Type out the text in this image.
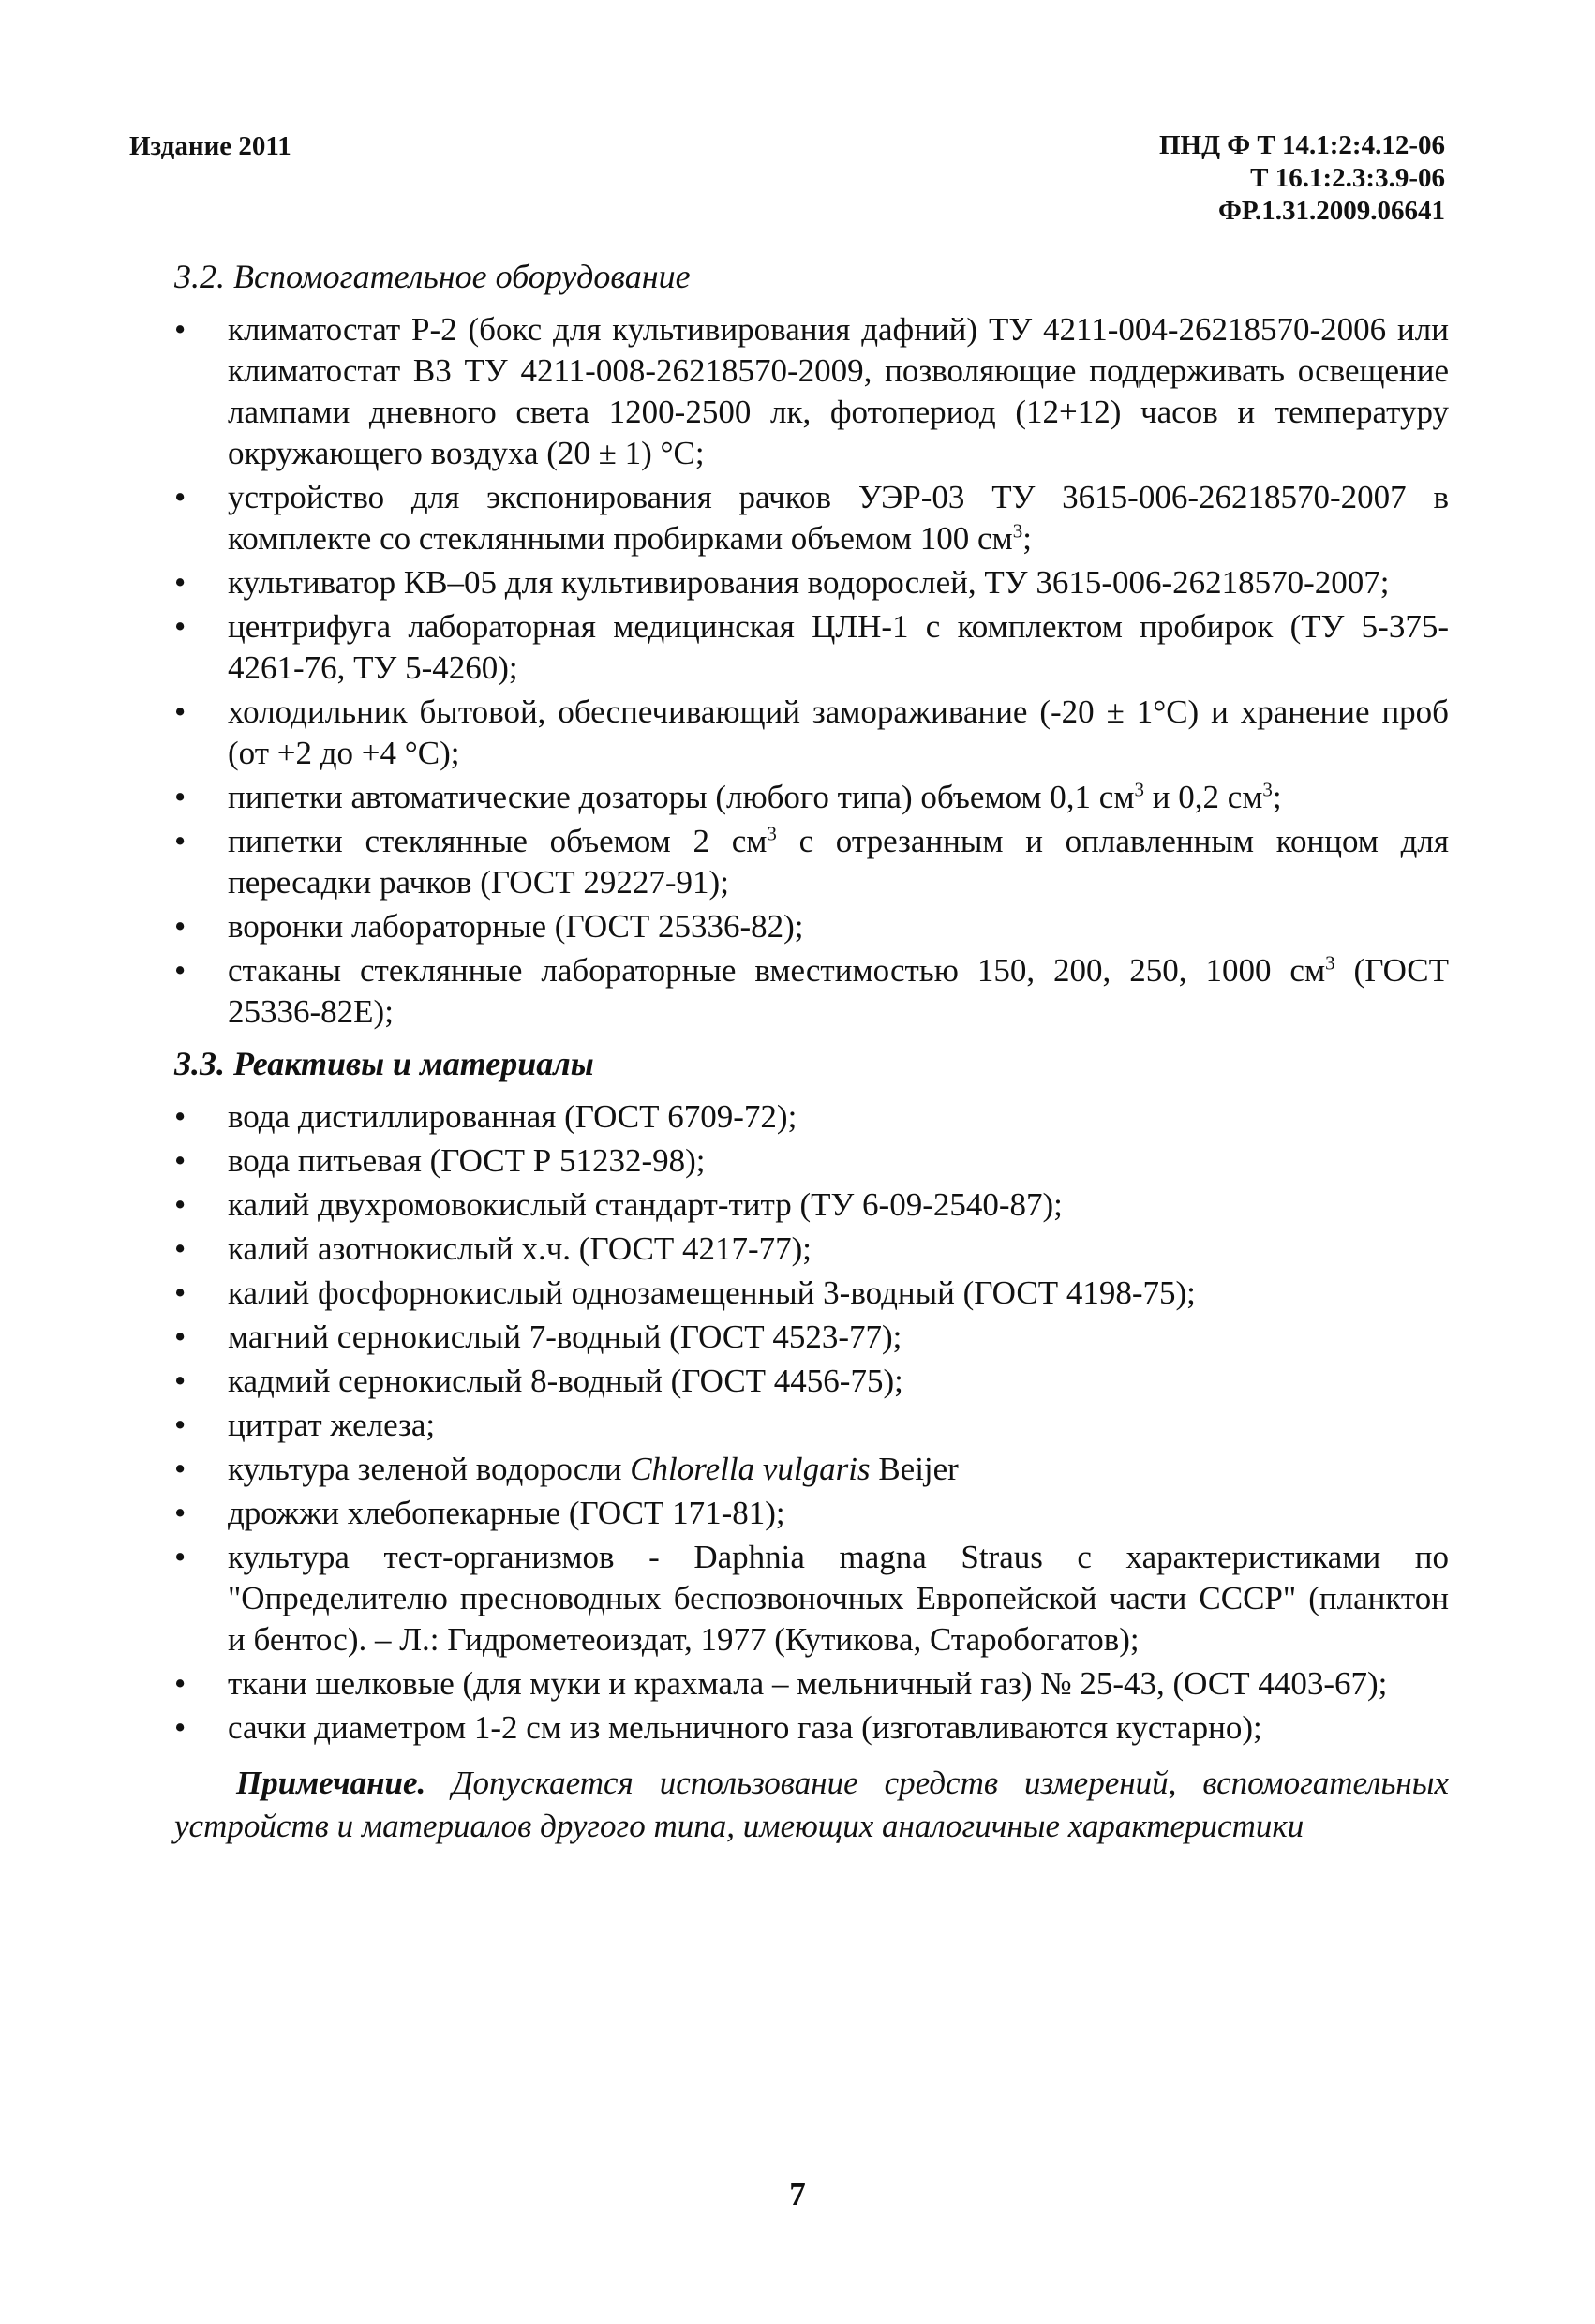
Издание 2011	ПНД Ф Т 14.1:2:4.12-06
Т 16.1:2.3:3.9-06
ФР.1.31.2009.06641
3.2. Вспомогательное оборудование
•	климатостат Р-2 (бокс для культивирования дафний) ТУ 4211-004-26218570-2006 или климатостат В3 ТУ 4211-008-26218570-2009, позволяющие поддерживать освещение лампами дневного света 1200-2500 лк, фотопериод (12+12) часов и температуру окружающего воздуха (20 ± 1) °С;
•	устройство для экспонирования рачков УЭР-03 ТУ 3615-006-26218570-2007 в комплекте со стеклянными пробирками объемом 100 $см^3$;
•	культиватор КВ–05 для культивирования водорослей, ТУ 3615-006-26218570-2007;
•	центрифуга лабораторная медицинская ЦЛН-1 с комплектом пробирок (ТУ 5-375-4261-76, ТУ 5-4260);
•	холодильник бытовой, обеспечивающий замораживание (-20 ± 1°С) и хранение проб (от +2 до +4 °С);
•	пипетки автоматические дозаторы (любого типа) объемом 0,1 $см^3$ и 0,2 $см^3$;
•	пипетки стеклянные объемом 2 $см^3$ с отрезанным и оплавленным концом для пересадки рачков (ГОСТ 29227-91);
•	воронки лабораторные (ГОСТ 25336-82);
•	стаканы стеклянные лабораторные вместимостью 150, 200, 250, 1000 $см^3$ (ГОСТ 25336-82Е);
3.3. Реактивы и материалы
•	вода дистиллированная (ГОСТ 6709-72);
•	вода питьевая (ГОСТ Р 51232-98);
•	калий двухромовокислый стандарт-титр (ТУ 6-09-2540-87);
•	калий азотнокислый х.ч. (ГОСТ 4217-77);
•	калий фосфорнокислый однозамещенный 3-водный (ГОСТ 4198-75);
•	магний сернокислый 7-водный (ГОСТ 4523-77);
•	кадмий сернокислый 8-водный (ГОСТ 4456-75);
•	цитрат железа;
•	культура зеленой водоросли Chlorella vulgaris Beijer
•	дрожжи хлебопекарные (ГОСТ 171-81);
•	культура тест-организмов - Daphnia magna Straus с характеристиками по "Определителю пресноводных беспозвоночных Европейской части СССР" (планктон и бентос). – Л.: Гидрометеоиздат, 1977 (Кутикова, Старобогатов);
•	ткани шелковые (для муки и крахмала – мельничный газ) № 25-43, (ОСТ 4403-67);
•	сачки диаметром 1-2 см из мельничного газа (изготавливаются кустарно);

Примечание. Допускается использование средств измерений, вспомогательных устройств и материалов другого типа, имеющих аналогичные характеристики

7
